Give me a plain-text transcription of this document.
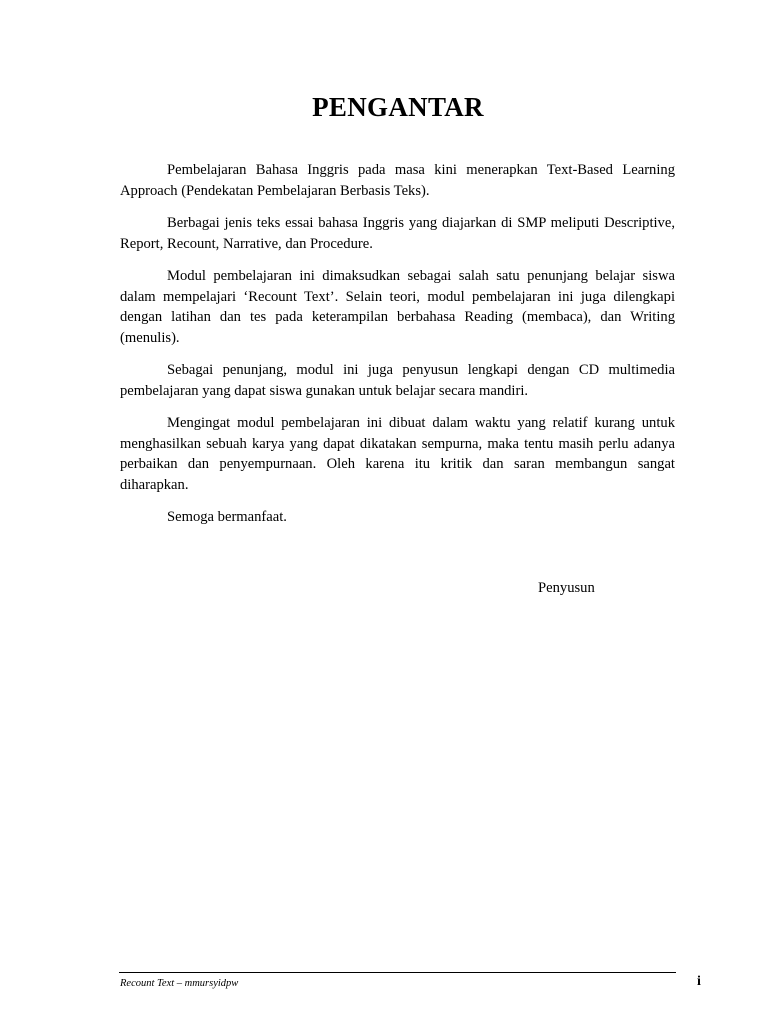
PENGANTAR

Pembelajaran Bahasa Inggris pada masa kini menerapkan Text-Based Learning Approach (Pendekatan Pembelajaran Berbasis Teks).

Berbagai jenis teks essai bahasa Inggris yang diajarkan di SMP meliputi Descriptive, Report, Recount, Narrative, dan Procedure.

Modul pembelajaran ini dimaksudkan sebagai salah satu penunjang belajar siswa dalam mempelajari ‘Recount Text’. Selain teori, modul pembelajaran ini juga dilengkapi dengan latihan dan tes pada keterampilan berbahasa Reading (membaca), dan Writing (menulis).

Sebagai penunjang, modul ini juga penyusun lengkapi dengan CD multimedia pembelajaran yang dapat siswa gunakan untuk belajar secara mandiri.

Mengingat modul pembelajaran ini dibuat dalam waktu yang relatif kurang untuk menghasilkan sebuah karya yang dapat dikatakan sempurna, maka tentu masih perlu adanya perbaikan dan penyempurnaan. Oleh karena itu kritik dan saran membangun sangat diharapkan.

Semoga bermanfaat.

Penyusun
Recount Text – mmursyidpw	i
